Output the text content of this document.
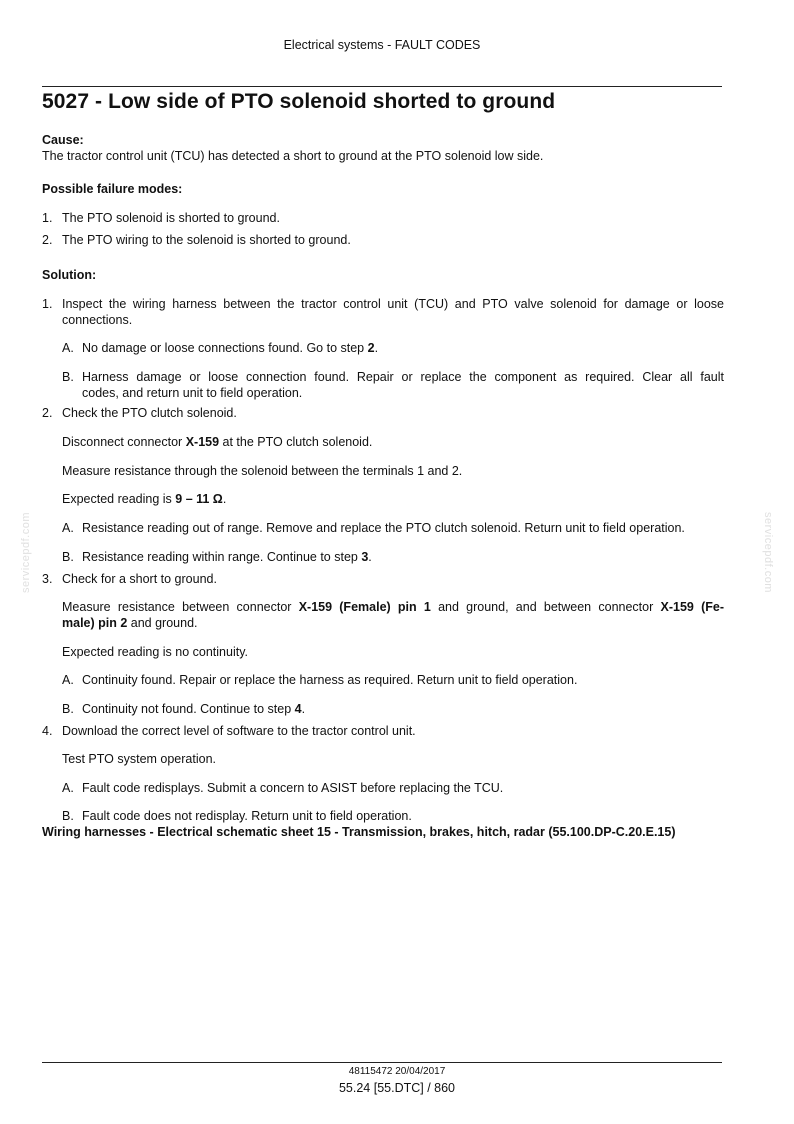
Electrical systems - FAULT CODES
5027 - Low side of PTO solenoid shorted to ground
Cause:
The tractor control unit (TCU) has detected a short to ground at the PTO solenoid low side.
Possible failure modes:
1. The PTO solenoid is shorted to ground.
2. The PTO wiring to the solenoid is shorted to ground.
Solution:
1. Inspect the wiring harness between the tractor control unit (TCU) and PTO valve solenoid for damage or loose
connections.
A. No damage or loose connections found. Go to step 2.
B. Harness damage or loose connection found. Repair or replace the component as required. Clear all fault
codes, and return unit to field operation.
2. Check the PTO clutch solenoid.
Disconnect connector X-159 at the PTO clutch solenoid.
Measure resistance through the solenoid between the terminals 1 and 2.
Expected reading is 9 – 11 Ω.
A. Resistance reading out of range. Remove and replace the PTO clutch solenoid. Return unit to field operation.
B. Resistance reading within range. Continue to step 3.
3. Check for a short to ground.
Measure resistance between connector X-159 (Female) pin 1 and ground, and between connector X-159 (Fe-
male) pin 2 and ground.
Expected reading is no continuity.
A. Continuity found. Repair or replace the harness as required. Return unit to field operation.
B. Continuity not found. Continue to step 4.
4. Download the correct level of software to the tractor control unit.
Test PTO system operation.
A. Fault code redisplays. Submit a concern to ASIST before replacing the TCU.
B. Fault code does not redisplay. Return unit to field operation.
Wiring harnesses - Electrical schematic sheet 15 - Transmission, brakes, hitch, radar (55.100.DP-C.20.E.15)
servicepdf.com	servicepdf.com
48115472 20/04/2017
55.24 [55.DTC] / 860
